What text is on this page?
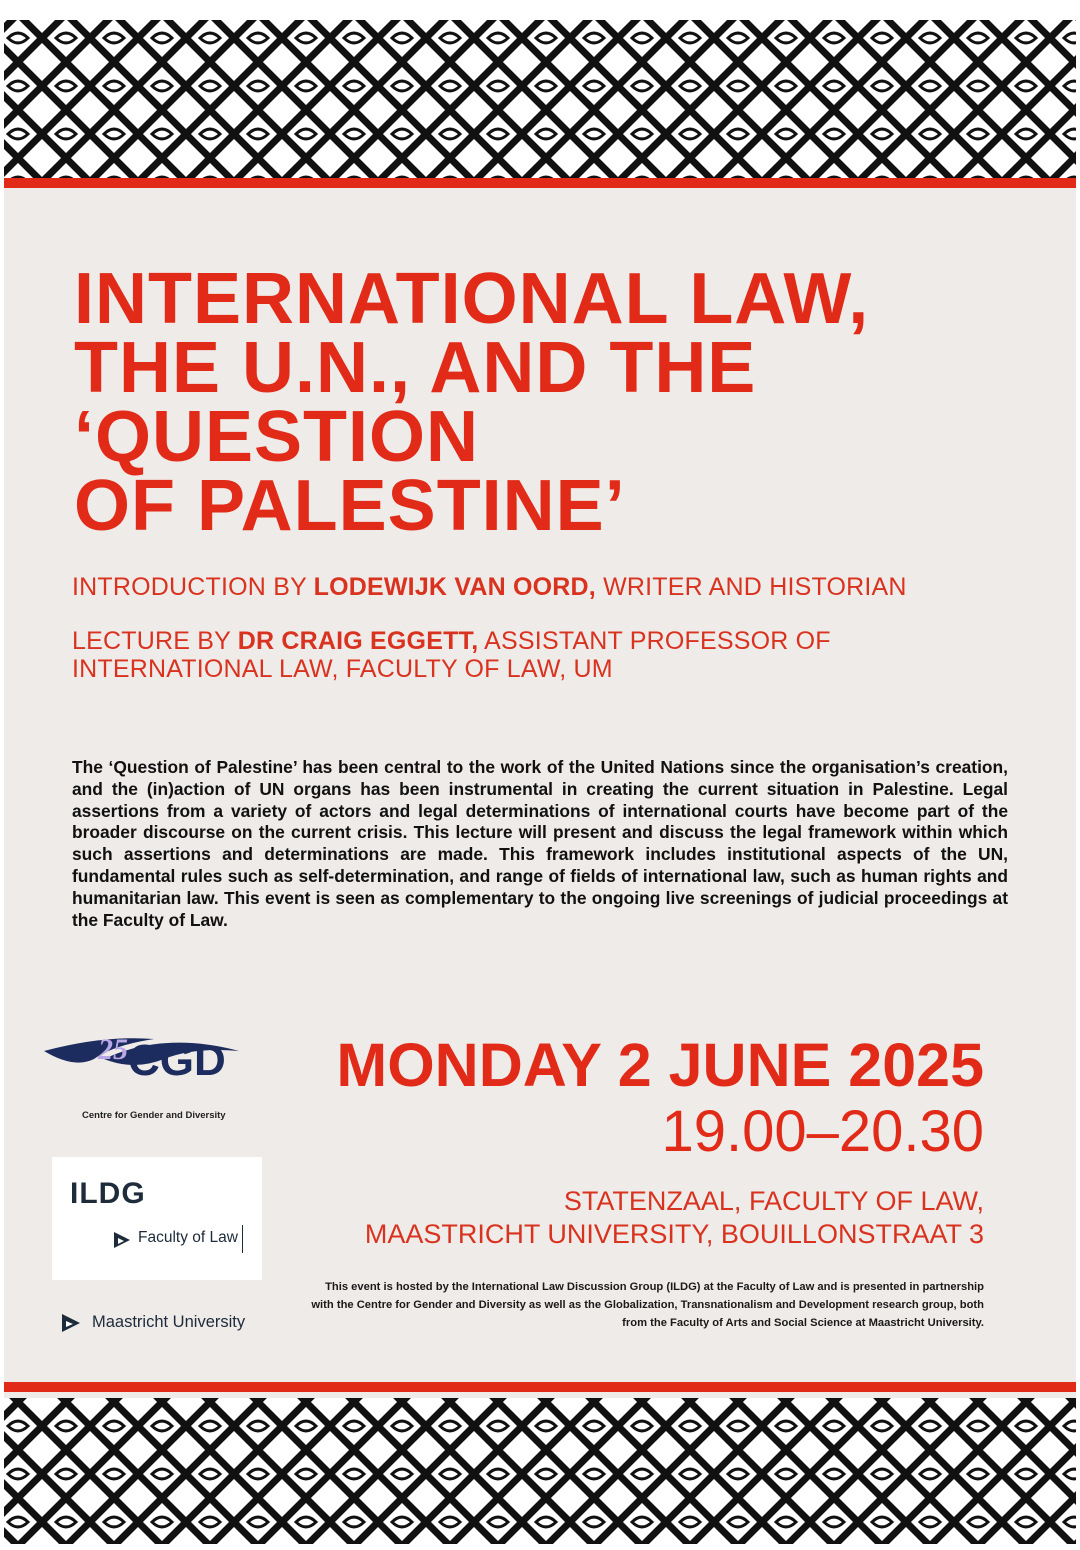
INTERNATIONAL LAW,
THE U.N., AND THE
‘QUESTION
OF PALESTINE’

INTRODUCTION BY LODEWIJK VAN OORD, WRITER AND HISTORIAN

LECTURE BY DR CRAIG EGGETT, ASSISTANT PROFESSOR OF INTERNATIONAL LAW, FACULTY OF LAW, UM

The ‘Question of Palestine’ has been central to the work of the United Nations since the organisation’s creation, and the (in)action of UN organs has been instrumental in creating the current situation in Palestine. Legal assertions from a variety of actors and legal determinations of international courts have become part of the broader discourse on the current crisis. This lecture will present and discuss the legal framework within which such assertions and determinations are made. This framework includes institutional aspects of the UN, fundamental rules such as self-determination, and range of fields of international law, such as human rights and humanitarian law. This event is seen as complementary to the ongoing live screenings of judicial proceedings at the Faculty of Law.

25 CGD
Centre for Gender and Diversity
ILDG
Faculty of Law
Maastricht University

MONDAY 2 JUNE 2025

19.00–20.30

STATENZAAL, FACULTY OF LAW,
MAASTRICHT UNIVERSITY, BOUILLONSTRAAT 3

This event is hosted by the International Law Discussion Group (ILDG) at the Faculty of Law and is presented in partnership with the Centre for Gender and Diversity as well as the Globalization, Transnationalism and Development research group, both from the Faculty of Arts and Social Science at Maastricht University.
